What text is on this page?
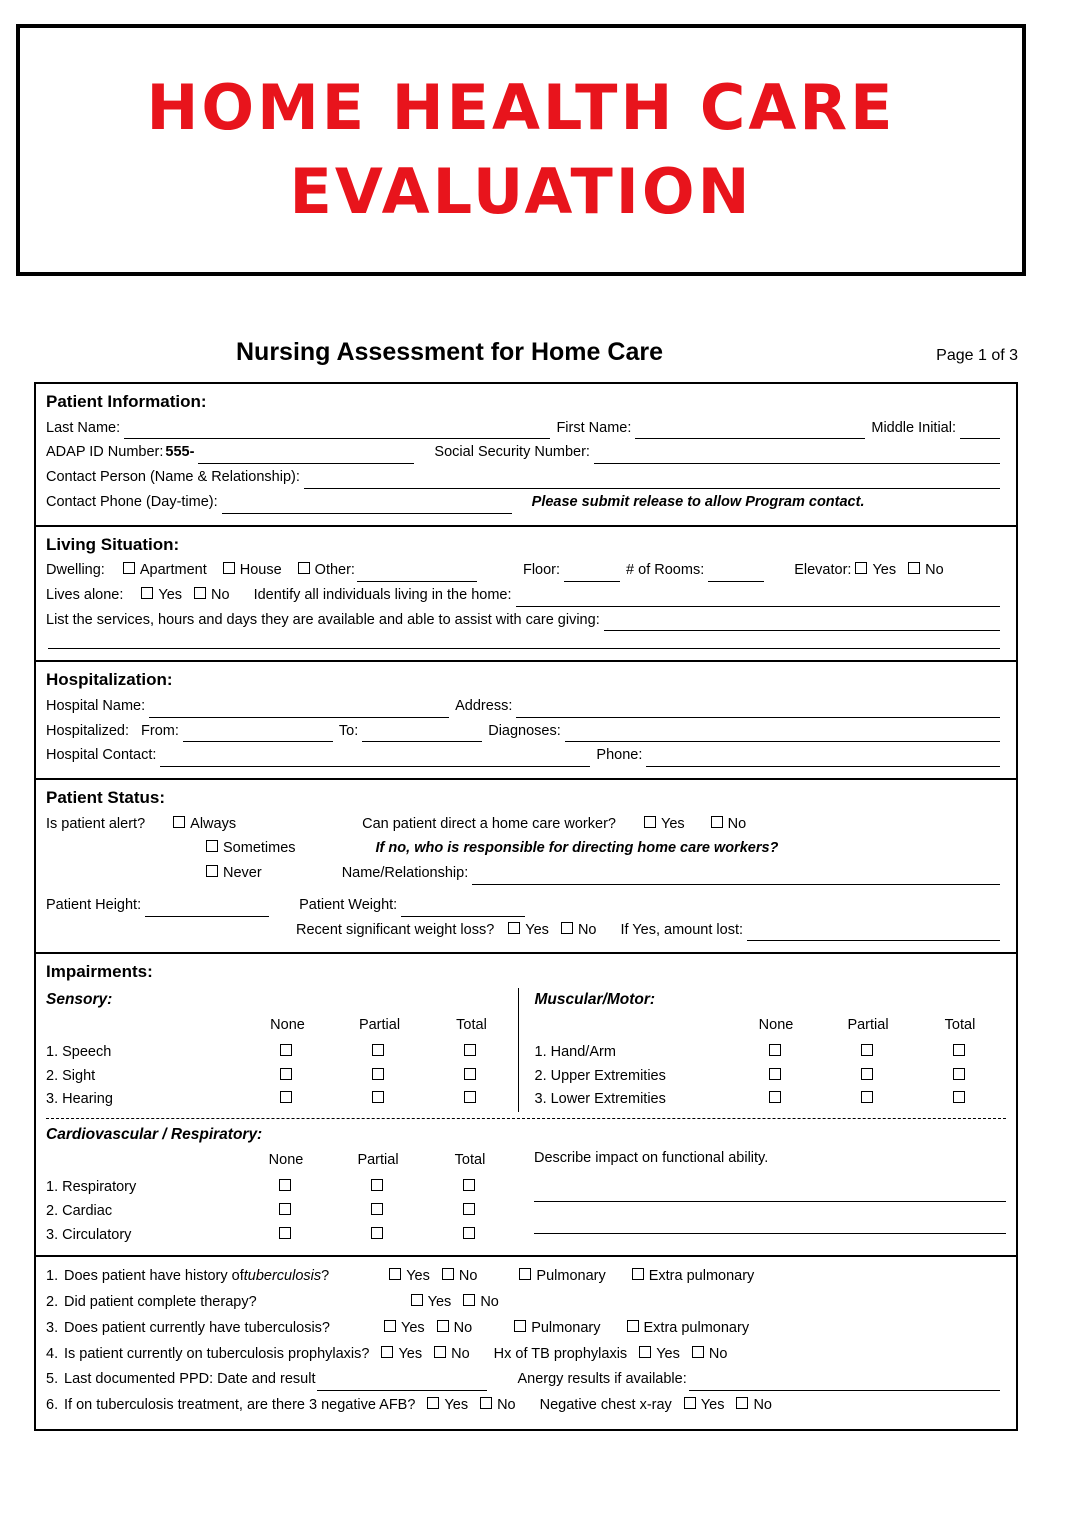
HOME HEALTH CARE EVALUATION
Nursing Assessment for Home Care	Page 1 of 3
Patient Information:
Last Name:	First Name:	Middle Initial:
ADAP ID Number: 555-	Social Security Number:
Contact Person (Name & Relationship):
Contact Phone (Day-time):	Please submit release to allow Program contact.
Living Situation:
Dwelling: Apartment House Other:	Floor:	# of Rooms:	Elevator: Yes No
Lives alone: Yes No Identify all individuals living in the home:
List the services, hours and days they are available and able to assist with care giving:
Hospitalization:
Hospital Name:	Address:
Hospitalized: From:	To:	Diagnoses:
Hospital Contact:	Phone:
Patient Status:
Is patient alert?	Always	Can patient direct a home care worker?	Yes	No
Sometimes	If no, who is responsible for directing home care workers?
Never	Name/Relationship:
Patient Height:	Patient Weight:
Recent significant weight loss? Yes No If Yes, amount lost:
Impairments:
Sensory:
	None	Partial	Total
1. Speech			
2. Sight			
3. Hearing			
Muscular/Motor:
	None	Partial	Total
1. Hand/Arm			
2. Upper Extremities			
3. Lower Extremities			
Cardiovascular / Respiratory:
	None	Partial	Total
1. Respiratory			
2. Cardiac			
3. Circulatory			
Describe impact on functional ability.
1. Does patient have history of tuberculosis ?	Yes No	Pulmonary	Extra pulmonary
2. Did patient complete therapy?	Yes No
3. Does patient currently have tuberculosis?	Yes No	Pulmonary	Extra pulmonary
4. Is patient currently on tuberculosis prophylaxis? Yes No Hx of TB prophylaxis Yes No
5. Last documented PPD: Date and result	Anergy results if available:
6. If on tuberculosis treatment, are there 3 negative AFB? Yes No Negative chest x-ray Yes No
